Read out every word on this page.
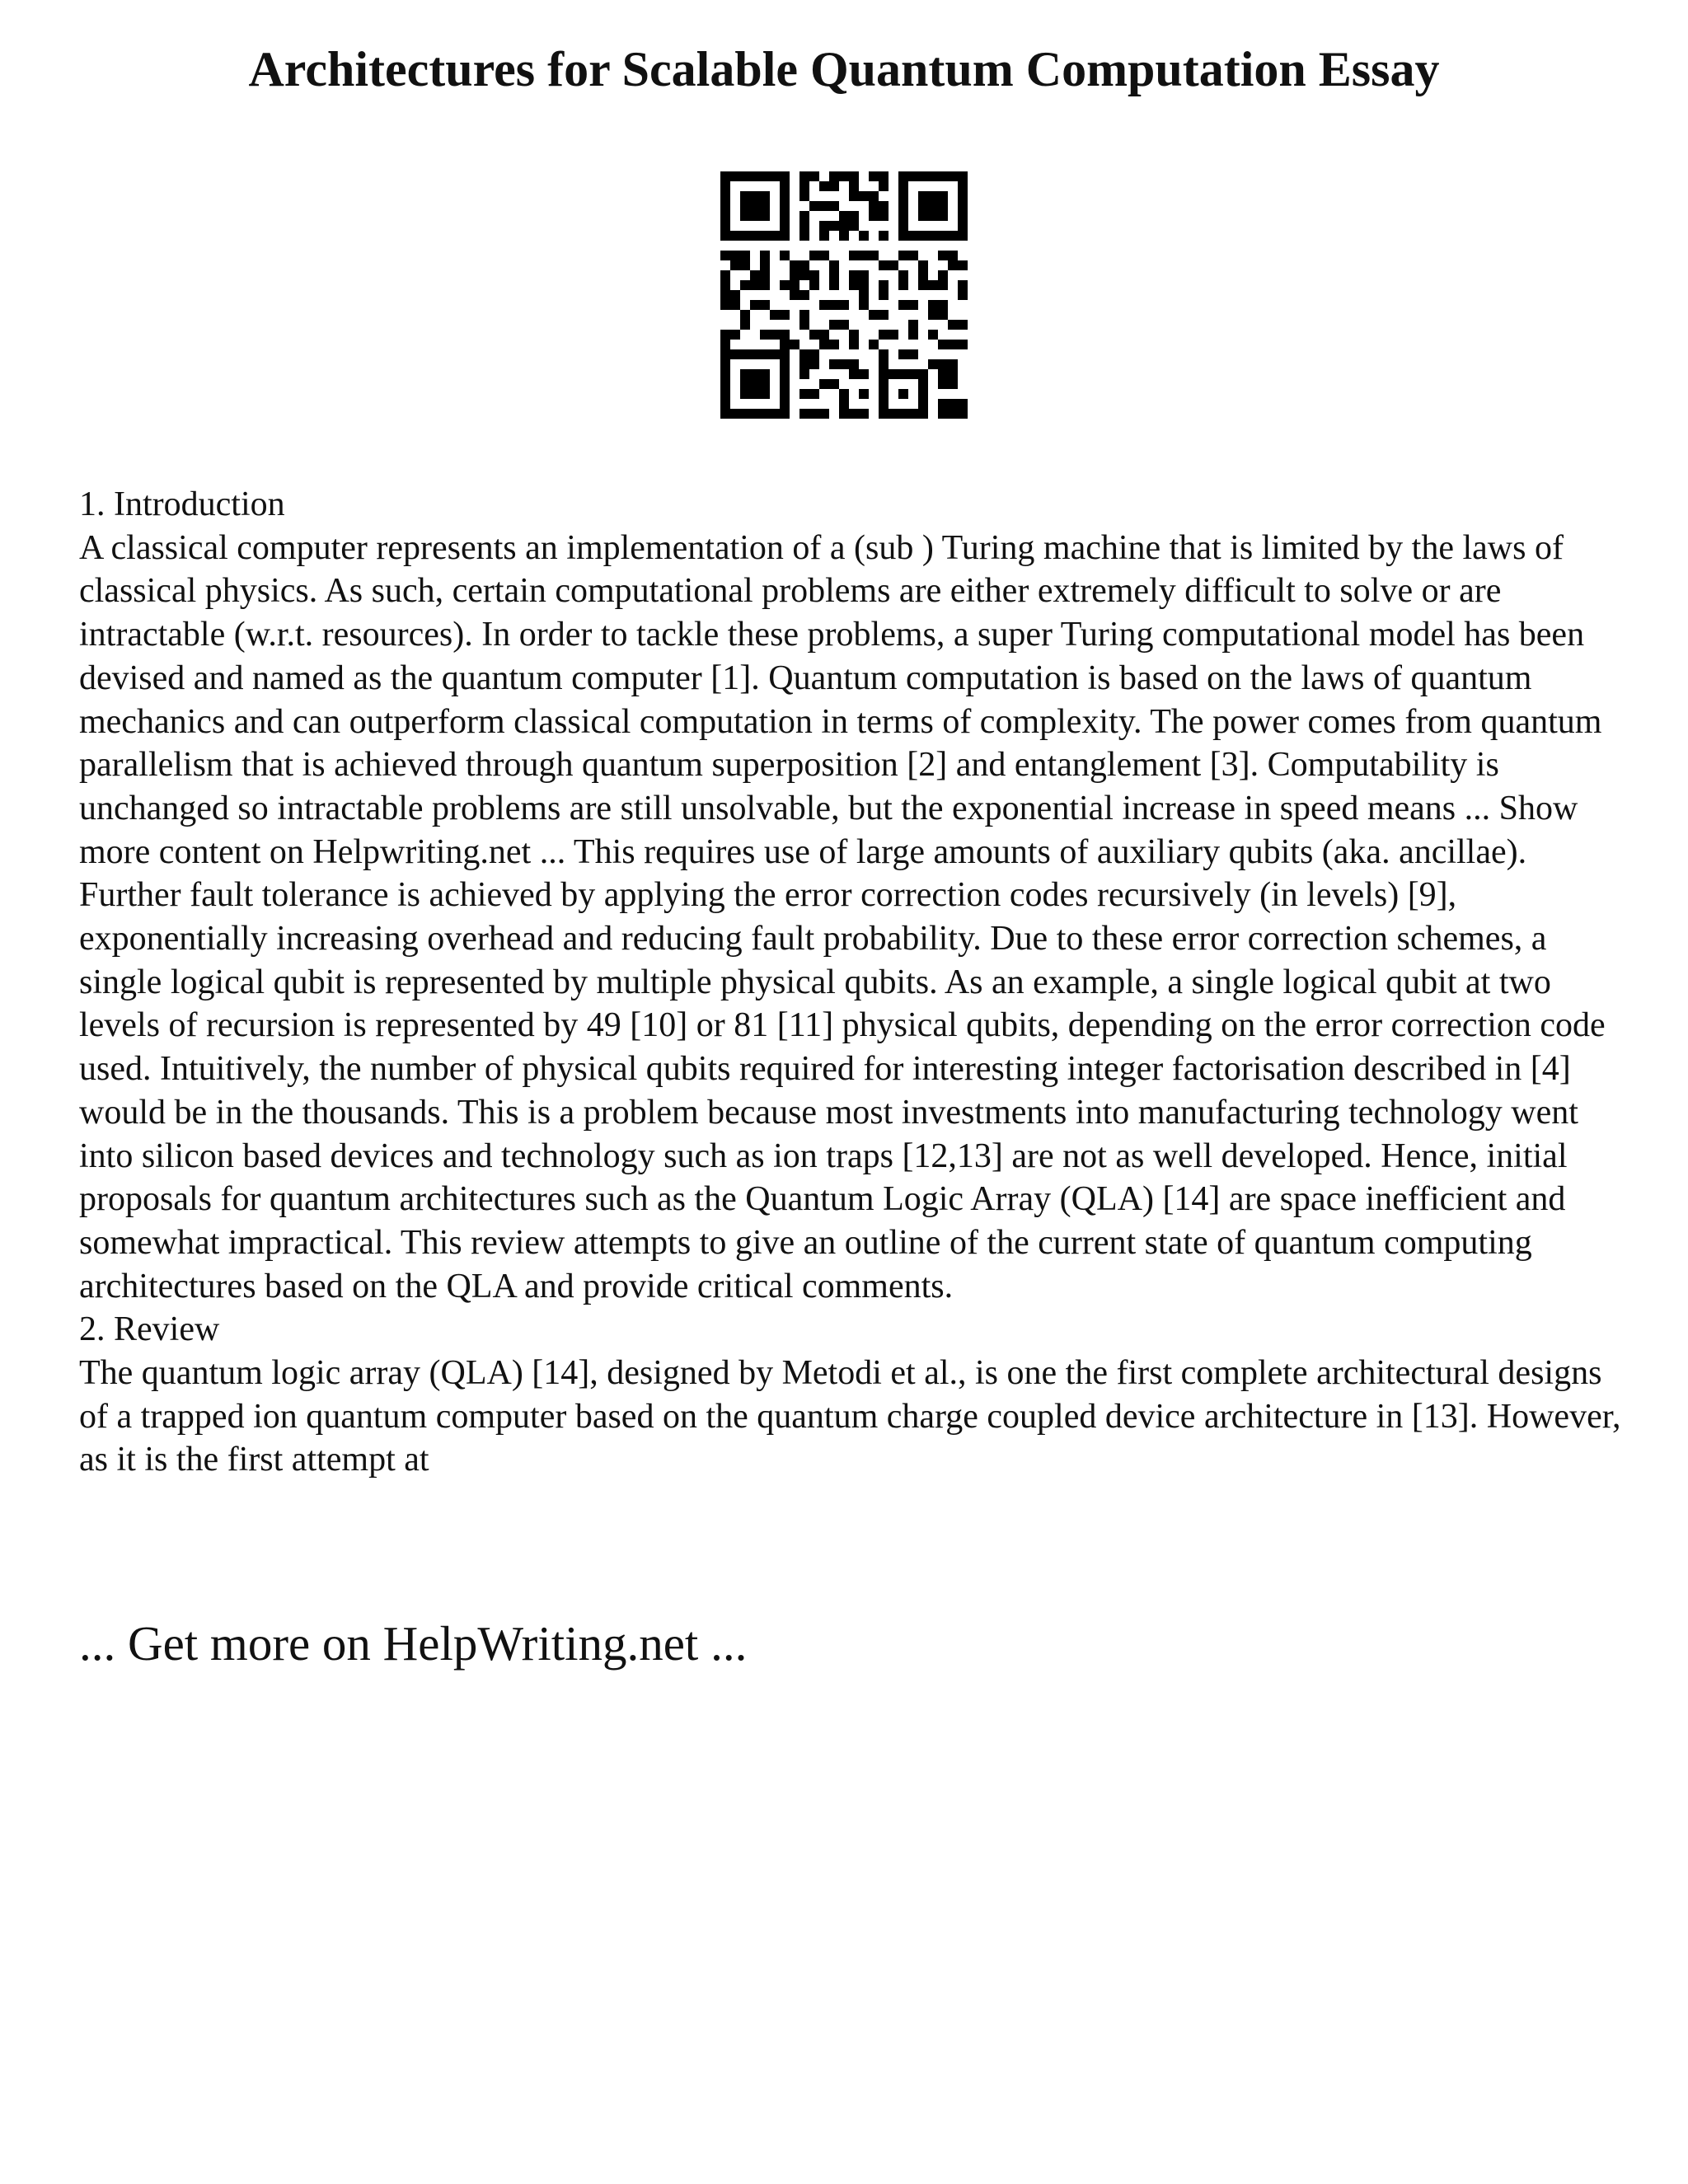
Architectures for Scalable Quantum Computation Essay
1. Introduction

A classical computer represents an implementation of a (sub ) Turing machine that is limited by the laws of classical physics. As such, certain computational problems are either extremely difficult to solve or are intractable (w.r.t. resources). In order to tackle these problems, a super Turing computational model has been devised and named as the quantum computer [1]. Quantum computation is based on the laws of quantum mechanics and can outperform classical computation in terms of complexity. The power comes from quantum parallelism that is achieved through quantum superposition [2] and entanglement [3]. Computability is unchanged so intractable problems are still unsolvable, but the exponential increase in speed means ... Show more content on Helpwriting.net ... This requires use of large amounts of auxiliary qubits (aka. ancillae). Further fault tolerance is achieved by applying the error correction codes recursively (in levels) [9], exponentially increasing overhead and reducing fault probability. Due to these error correction schemes, a single logical qubit is represented by multiple physical qubits. As an example, a single logical qubit at two levels of recursion is represented by 49 [10] or 81 [11] physical qubits, depending on the error correction code used. Intuitively, the number of physical qubits required for interesting integer factorisation described in [4] would be in the thousands. This is a problem because most investments into manufacturing technology went into silicon based devices and technology such as ion traps [12,13] are not as well developed. Hence, initial proposals for quantum architectures such as the Quantum Logic Array (QLA) [14] are space inefficient and somewhat impractical. This review attempts to give an outline of the current state of quantum computing architectures based on the QLA and provide critical comments.

2. Review

The quantum logic array (QLA) [14], designed by Metodi et al., is one the first complete architectural designs of a trapped ion quantum computer based on the quantum charge coupled device architecture in [13]. However, as it is the first attempt at

... Get more on HelpWriting.net ...
